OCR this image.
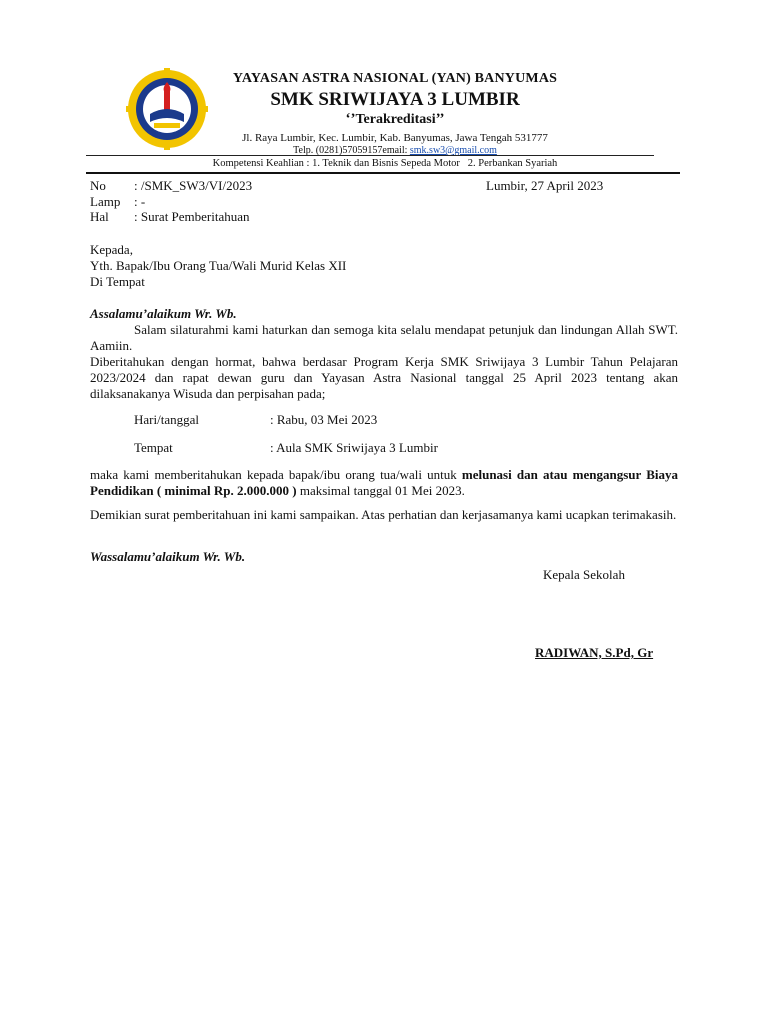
YAYASAN ASTRA NASIONAL (YAN) BANYUMAS
SMK SRIWIJAYA 3 LUMBIR
‘’Terakreditasi’’
Jl. Raya Lumbir, Kec. Lumbir, Kab. Banyumas, Jawa Tengah 531777
Telp. (0281)57059157email: smk.sw3@gmail.com
Kompetensi Keahlian : 1. Teknik dan Bisnis Sepeda Motor   2. Perbankan Syariah
No : /SMK_SW3/VI/2023
Lamp : -
Hal : Surat Pemberitahuan
Lumbir, 27 April 2023
Kepada,
Yth. Bapak/Ibu Orang Tua/Wali Murid Kelas XII
Di Tempat
Assalamu’alaikum Wr. Wb.
Salam silaturahmi kami haturkan dan semoga kita selalu mendapat petunjuk dan lindungan Allah SWT. Aamiin.
Diberitahukan dengan hormat, bahwa berdasar Program Kerja SMK Sriwijaya 3 Lumbir Tahun Pelajaran 2023/2024 dan rapat dewan guru dan Yayasan Astra Nasional tanggal 25 April 2023 tentang akan dilaksanakanya Wisuda dan perpisahan pada;
Hari/tanggal	: Rabu, 03 Mei 2023
Tempat	: Aula SMK Sriwijaya 3 Lumbir
maka kami memberitahukan kepada bapak/ibu orang tua/wali untuk melunasi dan atau mengangsur Biaya Pendidikan ( minimal Rp. 2.000.000 ) maksimal tanggal 01 Mei 2023.
Demikian surat pemberitahuan ini kami sampaikan. Atas perhatian dan kerjasamanya kami ucapkan terimakasih.
Wassalamu’alaikum Wr. Wb.
Kepala Sekolah
RADIWAN, S.Pd, Gr
